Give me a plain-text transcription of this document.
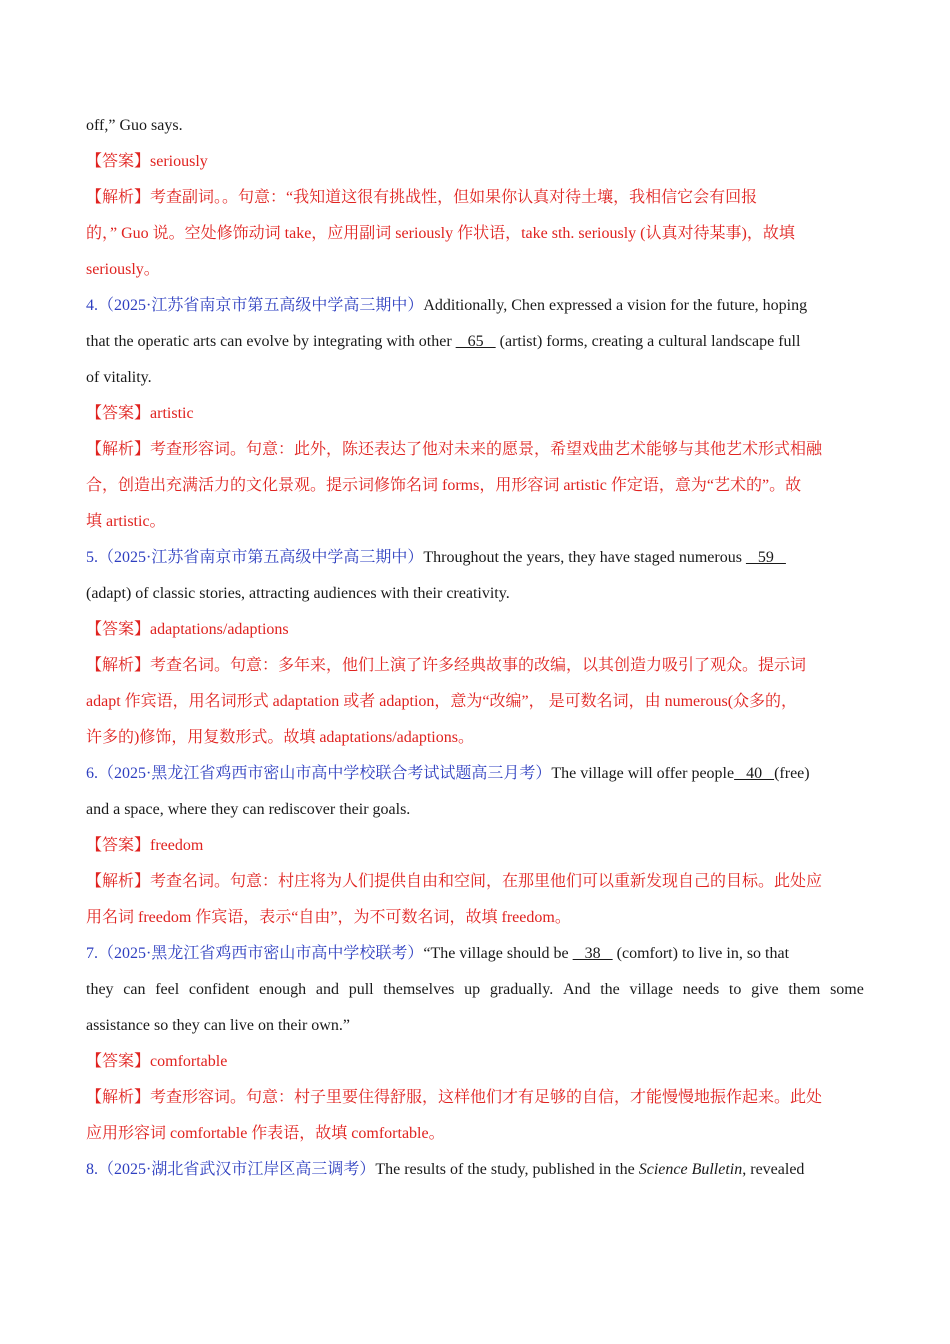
off,” Guo says.
【答案】seriously
【解析】考查副词。。句意：“我知道这很有挑战性，但如果你认真对待土壤，我相信它会有回报
的，” Guo 说。空处修饰动词 take，应用副词 seriously 作状语，take sth. seriously (认真对待某事)，故填
seriously。
4.（2025·江苏省南京市第五高级中学高三期中）Additionally, Chen expressed a vision for the future, hoping
that the operatic arts can evolve by integrating with other    65    (artist) forms, creating a cultural landscape full
of vitality.
【答案】artistic
【解析】考查形容词。句意：此外，陈还表达了他对未来的愿景，希望戏曲艺术能够与其他艺术形式相融
合，创造出充满活力的文化景观。提示词修饰名词 forms，用形容词 artistic 作定语，意为“艺术的”。故
填 artistic。
5.（2025·江苏省南京市第五高级中学高三期中）Throughout the years, they have staged numerous    59
(adapt) of classic stories, attracting audiences with their creativity.
【答案】adaptations/adaptions
【解析】考查名词。句意：多年来，他们上演了许多经典故事的改编，以其创造力吸引了观众。提示词
adapt 作宾语，用名词形式 adaptation 或者 adaption，意为“改编”， 是可数名词，由 numerous(众多的，
许多的)修饰，用复数形式。故填 adaptations/adaptions。
6.（2025·黑龙江省鸡西市密山市高中学校联合考试试题高三月考）The village will offer people   40   (free)
and a space, where they can rediscover their goals.
【答案】freedom
【解析】考查名词。句意：村庄将为人们提供自由和空间，在那里他们可以重新发现自己的目标。此处应
用名词 freedom 作宾语，表示“自由”，为不可数名词，故填 freedom。
7.（2025·黑龙江省鸡西市密山市高中学校联考）“The village should be    38    (comfort) to live in, so that
they can feel confident enough and pull themselves up gradually. And the village needs to give them some
assistance so they can live on their own.”
【答案】comfortable
【解析】考查形容词。句意：村子里要住得舒服，这样他们才有足够的自信，才能慢慢地振作起来。此处
应用形容词 comfortable 作表语，故填 comfortable。
8.（2025·湖北省武汉市江岸区高三调考）The results of the study, published in the Science Bulletin, revealed
